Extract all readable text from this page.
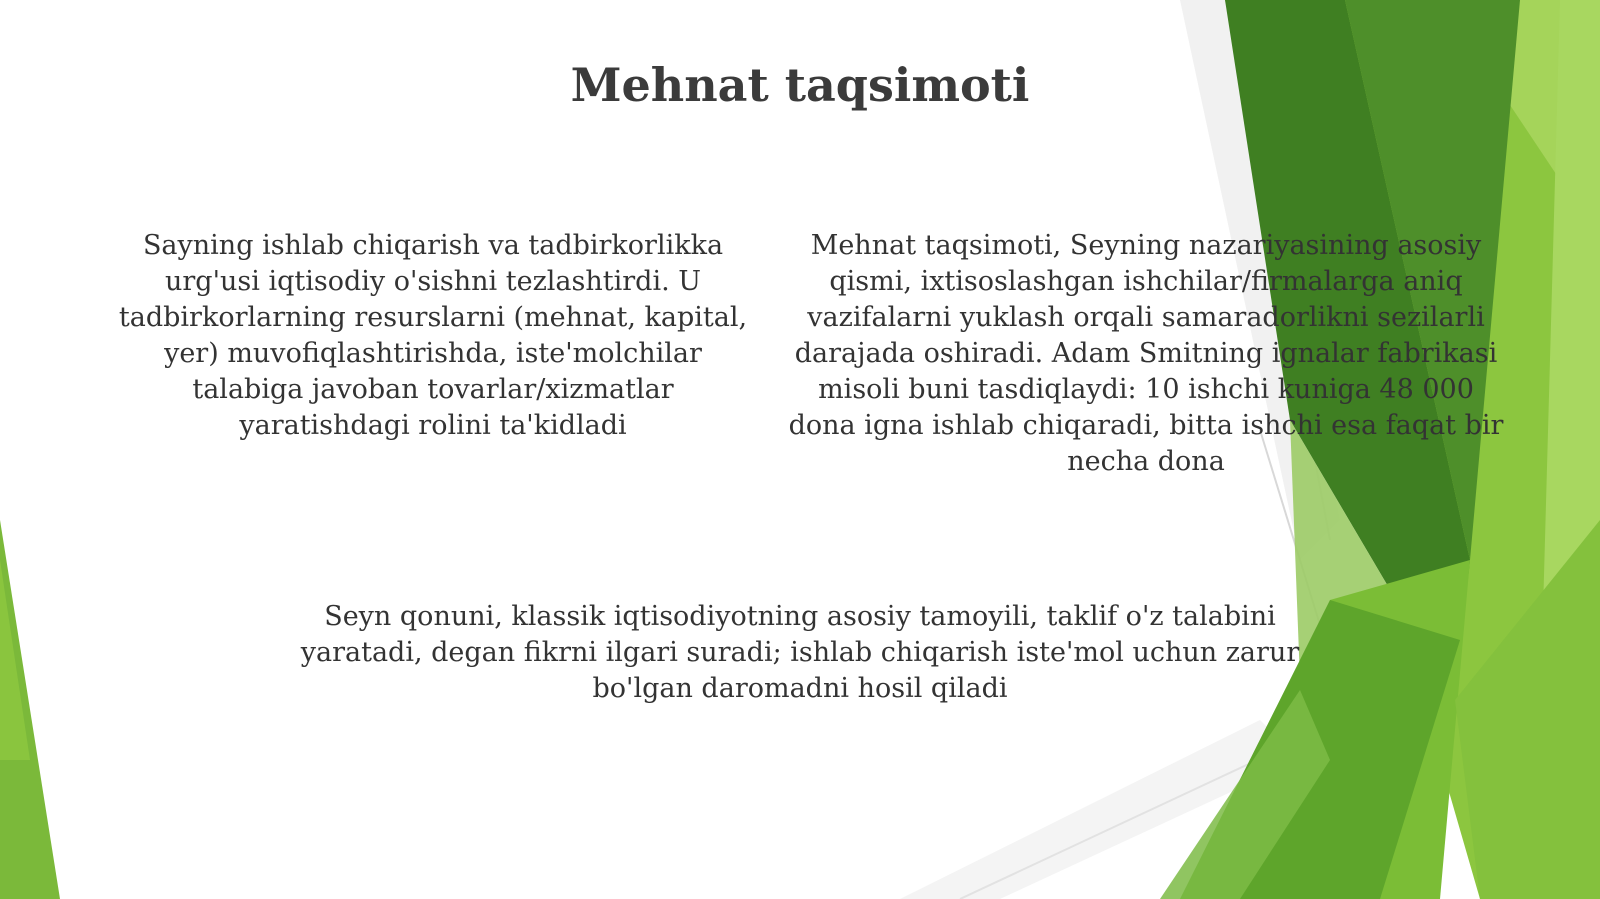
Mehnat taqsimoti

Sayning ishlab chiqarish va tadbirkorlikka urg'usi iqtisodiy o'sishni tezlashtirdi. U tadbirkorlarning resurslarni (mehnat, kapital, yer) muvofiqlashtirishda, iste'molchilar talabiga javoban tovarlar/xizmatlar yaratishdagi rolini ta'kidladi

Mehnat taqsimoti, Seyning nazariyasining asosiy qismi, ixtisoslashgan ishchilar/firmalarga aniq vazifalarni yuklash orqali samaradorlikni sezilarli darajada oshiradi. Adam Smitning ignalar fabrikasi misoli buni tasdiqlaydi: 10 ishchi kuniga 48 000 dona igna ishlab chiqaradi, bitta ishchi esa faqat bir necha dona

Seyn qonuni, klassik iqtisodiyotning asosiy tamoyili, taklif o'z talabini yaratadi, degan fikrni ilgari suradi; ishlab chiqarish iste'mol uchun zarur bo'lgan daromadni hosil qiladi
